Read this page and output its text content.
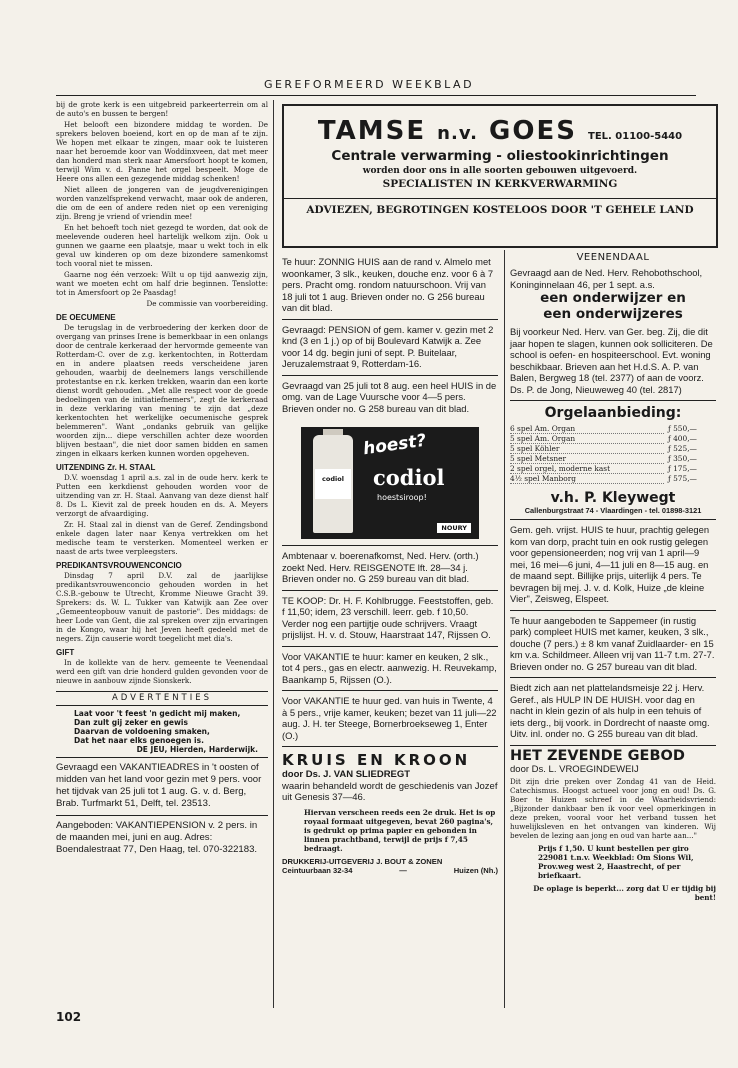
GEREFORMEERD WEEKBLAD

bij de grote kerk is een uitgebreid parkeerterrein om al de auto's en bussen te bergen!

Het belooft een bizondere middag te worden. De sprekers beloven boeiend, kort en op de man af te zijn. We hopen met elkaar te zingen, maar ook te luisteren naar het beroemde koor van Woddinxveen, dat met meer dan honderd man sterk naar Amersfoort hoopt te komen, terwijl Wim v. d. Panne het orgel bespeelt. Moge de Heere ons allen een gezegende middag schenken!

Niet alleen de jongeren van de jeugdverenigingen worden vanzelfsprekend verwacht, maar ook de anderen, die om de een of andere reden niet op een vereniging zijn. Breng je vriend of vriendin mee!

En het behoeft toch niet gezegd te worden, dat ook de meelevende ouderen heel hartelijk welkom zijn. Ook u gunnen we gaarne een plaatsje, maar u wekt toch in elk geval uw kinderen op om deze bizondere samenkomst toch vooral niet te missen.

Gaarne nog één verzoek: Wilt u op tijd aanwezig zijn, want we moeten echt om half drie beginnen. Tenslotte: tot in Amersfoort op 2e Paasdag!

De commissie van voorbereiding.

DE OECUMENE

De terugslag in de verbroedering der kerken door de overgang van prinses Irene is bemerkbaar in een onlangs door de centrale kerkeraad der hervormde gemeente van Rotterdam-C. over de z.g. kerkentochten, in Rotterdam en in andere plaatsen reeds verscheidene jaren gehouden, waarbij de deelnemers langs verschillende protestantse en r.k. kerken trekken, waarin dan een korte dienst wordt gehouden. „Met alle respect voor de goede bedoelingen van de initiatiefnemers", zegt de kerkeraad in deze verklaring van mening te zijn dat „deze kerkentochten het werkelijke oecumenische gesprek belemmeren". Want „ondanks gebruik van gelijke woorden zijn... diepe verschillen achter deze woorden blijven bestaan", die niet door samen bidden en samen zingen in elkaars kerken kunnen worden opgeheven.

UITZENDING Zr. H. STAAL

D.V. woensdag 1 april a.s. zal in de oude herv. kerk te Putten een kerkdienst gehouden worden voor de uitzending van zr. H. Staal. Aanvang van deze dienst half 8. Ds L. Kievit zal de preek houden en ds. A. Meyers verzorgt de afvaardiging.

Zr. H. Staal zal in dienst van de Geref. Zendingsbond enkele dagen later naar Kenya vertrekken om het medische team te versterken. Momenteel werken er naast de arts twee verpleegsters.

PREDIKANTSVROUWENCONCIO

Dinsdag 7 april D.V. zal de jaarlijkse predikantsvrouwenconcio gehouden worden in het C.S.B.-gebouw te Utrecht, Kromme Nieuwe Gracht 39. Sprekers: ds. W. L. Tukker van Katwijk aan Zee over „Gemeenteopbouw vanuit de pastorie". Des middags: de heer Lode van Gent, die zal spreken over zijn ervaringen in de Kongo, waar hij het Jeven heeft gedeeld met de negers. Zijn causerie wordt toegelicht met dia's.

GIFT

In de kollekte van de herv. gemeente te Veenendaal werd een gift van drie honderd gulden gevonden voor de nieuwe in aanbouw zijnde Sionskerk.

ADVERTENTIES
Laat voor 't feest 'n gedicht mij maken,
Dan zult gij zeker en gewis
Daarvan de voldoening smaken,
Dat het naar elks genoegen is.
DE JEU, Hierden, Harderwijk.
Gevraagd een VAKANTIEADRES in 't oosten of midden van het land voor gezin met 9 pers. voor het tijdvak van 25 juli tot 1 aug. G. v. d. Berg, Brab. Turfmarkt 51, Delft, tel. 23513.
Aangeboden: VAKANTIEPENSION v. 2 pers. in de maanden mei, juni en aug. Adres: Boendalestraat 77, Den Haag, tel. 070-322183.
TAMSE n.v. GOES TEL. 01100-5440
Centrale verwarming - oliestookinrichtingen
worden door ons in alle soorten gebouwen uitgevoerd.
SPECIALISTEN IN KERKVERWARMING
ADVIEZEN, BEGROTINGEN KOSTELOOS DOOR 'T GEHELE LAND
Te huur: ZONNIG HUIS aan de rand v. Almelo met woonkamer, 3 slk., keuken, douche enz. voor 6 à 7 pers. Pracht omg. rondom natuurschoon. Vrij van 18 juli tot 1 aug. Brieven onder no. G 256 bureau van dit blad.
Gevraagd: PENSION of gem. kamer v. gezin met 2 knd (3 en 1 j.) op of bij Boulevard Katwijk a. Zee voor 14 dg. begin juni of sept. P. Buitelaar, Jeruzalemstraat 9, Rotterdam-16.
Gevraagd van 25 juli tot 8 aug. een heel HUIS in de omg. van de Lage Vuursche voor 4—5 pers. Brieven onder no. G 258 bureau van dit blad.
codiol
hoest?
codiol
hoestsiroop!
NOURY
Ambtenaar v. boerenafkomst, Ned. Herv. (orth.) zoekt Ned. Herv. REISGENOTE lft. 28—34 j. Brieven onder no. G 259 bureau van dit blad.
TE KOOP: Dr. H. F. Kohlbrugge. Feeststoffen, geb. f 11,50; idem, 23 verschill. leerr. geb. f 10,50. Verder nog een partijtje oude schrijvers. Vraagt prijslijst. H. v. d. Stouw, Haarstraat 147, Rijssen O.
Voor VAKANTIE te huur: kamer en keuken, 2 slk., tot 4 pers., gas en electr. aanwezig. H. Reuvekamp, Baankamp 5, Rijssen (O.).
Voor VAKANTIE te huur ged. van huis in Twente, 4 à 5 pers., vrije kamer, keuken; bezet van 11 juli—22 aug. J. H. ter Steege, Bornerbroekseweg 1, Enter (O.)
KRUIS EN KROON
door Ds. J. VAN SLIEDREGT
waarin behandeld wordt de geschiedenis van Jozef uit Genesis 37—46.
Hiervan verscheen reeds een 2e druk. Het is op royaal formaat uitgegeven, bevat 260 pagina's, is gedrukt op prima papier en gebonden in linnen prachtband, terwijl de prijs f 7,45 bedraagt.
DRUKKERIJ-UITGEVERIJ J. BOUT & ZONEN
Ceintuurbaan 32-34	—	Huizen (Nh.)
VEENENDAAL
Gevraagd aan de Ned. Herv. Rehobothschool, Koninginnelaan 46, per 1 sept. a.s.
een onderwijzer en
een onderwijzeres
Bij voorkeur Ned. Herv. van Ger. beg. Zij, die dit jaar hopen te slagen, kunnen ook solliciteren. De school is oefen- en hospiteerschool. Evt. woning beschikbaar. Brieven aan het H.d.S. A. P. van Balen, Bergweg 18 (tel. 2377) of aan de voorz. Ds. P. de Jong, Nieuweweg 40 (tel. 2817)
Orgelaanbieding:
6 spel Am. Organ	ƒ 550,—
5 spel Am. Organ	ƒ 400,—
5 spel Köhler	ƒ 525,—
5 spel Metsner	ƒ 350,—
2 spel orgel, moderne kast	ƒ 175,—
4½ spel Manborg	ƒ 575,—
v.h. P. Kleywegt
Callenburgstraat 74 - Vlaardingen - tel. 01898-3121
Gem. geh. vrijst. HUIS te huur, prachtig gelegen kom van dorp, pracht tuin en ook rustig gelegen voor gepensioneerden; nog vrij van 1 april—9 mei, 16 mei—6 juni, 4—11 juli en 8—15 aug. en de maand sept. Billijke prijs, uiterlijk 4 pers. Te bevragen bij mej. J. v. d. Kolk, Huize „de kleine Vier", Zeisweg, Elspeet.
Te huur aangeboden te Sappemeer (in rustig park) compleet HUIS met kamer, keuken, 3 slk., douche (7 pers.) ± 8 km vanaf Zuidlaarder- en 15 km v.a. Schildmeer. Alleen vrij van 11-7 t.m. 27-7. Brieven onder no. G 257 bureau van dit blad.
Biedt zich aan net plattelandsmeisje 22 j. Herv. Geref., als HULP IN DE HUISH. voor dag en nacht in klein gezin of als hulp in een tehuis of iets derg., bij voork. in Dordrecht of naaste omg. Uitv. inl. onder no. G 255 bureau van dit blad.
HET ZEVENDE GEBOD
door Ds. L. VROEGINDEWEIJ
Dit zijn drie preken over Zondag 41 van de Heid. Catechismus. Hoogst actueel voor jong en oud! Ds. G. Boer te Huizen schreef in de Waarheidsvriend: „Bijzonder dankbaar ben ik voor veel opmerkingen in deze preken, vooral voor het verband tussen het huwelijksleven en het ontvangen van kinderen. Wij bevelen de lezing aan jong en oud van harte aan..."
Prijs f 1,50. U kunt bestellen per giro 229081 t.n.v. Weekblad: Om Sions Wil, Prov.weg west 2, Haastrecht, of per briefkaart.
De oplage is beperkt... zorg dat U er tijdig bij bent!
102
